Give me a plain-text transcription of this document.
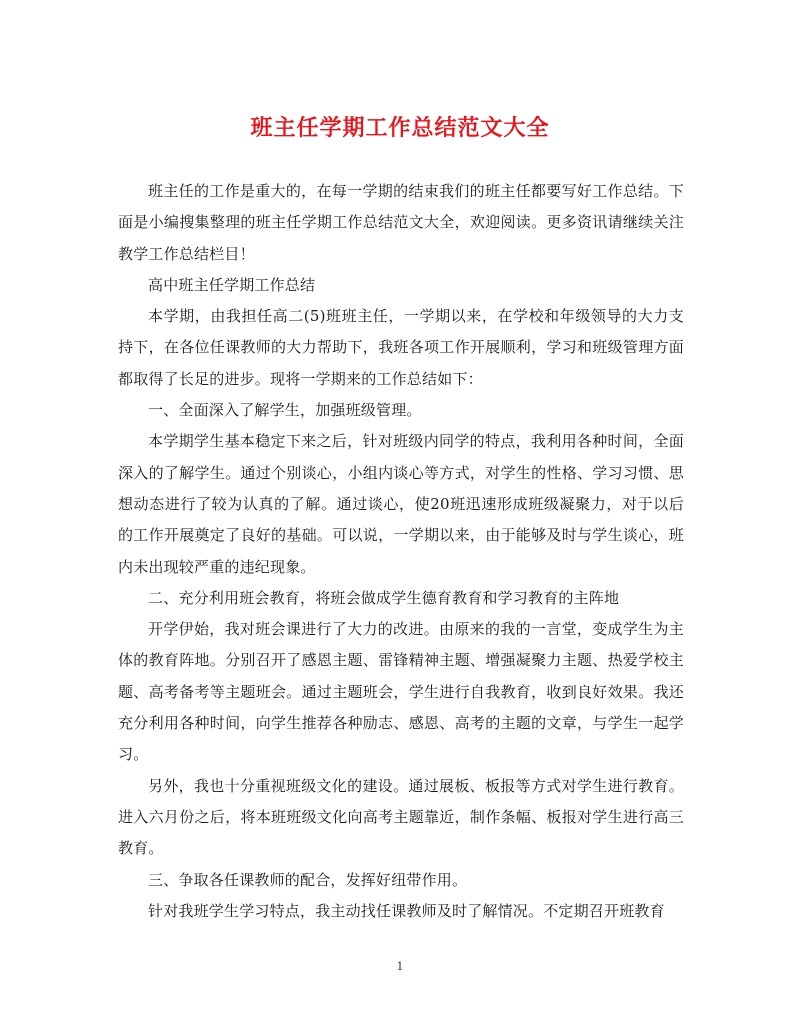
班主任学期工作总结范文大全

班主任的工作是重大的，在每一学期的结束我们的班主任都要写好工作总结。下面是小编搜集整理的班主任学期工作总结范文大全，欢迎阅读。更多资讯请继续关注教学工作总结栏目！

高中班主任学期工作总结

本学期，由我担任高二(5)班班主任，一学期以来，在学校和年级领导的大力支持下，在各位任课教师的大力帮助下，我班各项工作开展顺利，学习和班级管理方面都取得了长足的进步。现将一学期来的工作总结如下：

一、全面深入了解学生，加强班级管理。

本学期学生基本稳定下来之后，针对班级内同学的特点，我利用各种时间，全面深入的了解学生。通过个别谈心，小组内谈心等方式，对学生的性格、学习习惯、思想动态进行了较为认真的了解。通过谈心，使20班迅速形成班级凝聚力，对于以后的工作开展奠定了良好的基础。可以说，一学期以来，由于能够及时与学生谈心，班内未出现较严重的违纪现象。

二、充分利用班会教育，将班会做成学生德育教育和学习教育的主阵地

开学伊始，我对班会课进行了大力的改进。由原来的我的一言堂，变成学生为主体的教育阵地。分别召开了感恩主题、雷锋精神主题、增强凝聚力主题、热爱学校主题、高考备考等主题班会。通过主题班会，学生进行自我教育，收到良好效果。我还充分利用各种时间，向学生推荐各种励志、感恩、高考的主题的文章，与学生一起学习。

另外，我也十分重视班级文化的建设。通过展板、板报等方式对学生进行教育。进入六月份之后，将本班班级文化向高考主题靠近，制作条幅、板报对学生进行高三教育。

三、争取各任课教师的配合，发挥好纽带作用。

针对我班学生学习特点，我主动找任课教师及时了解情况。不定期召开班教育

1
